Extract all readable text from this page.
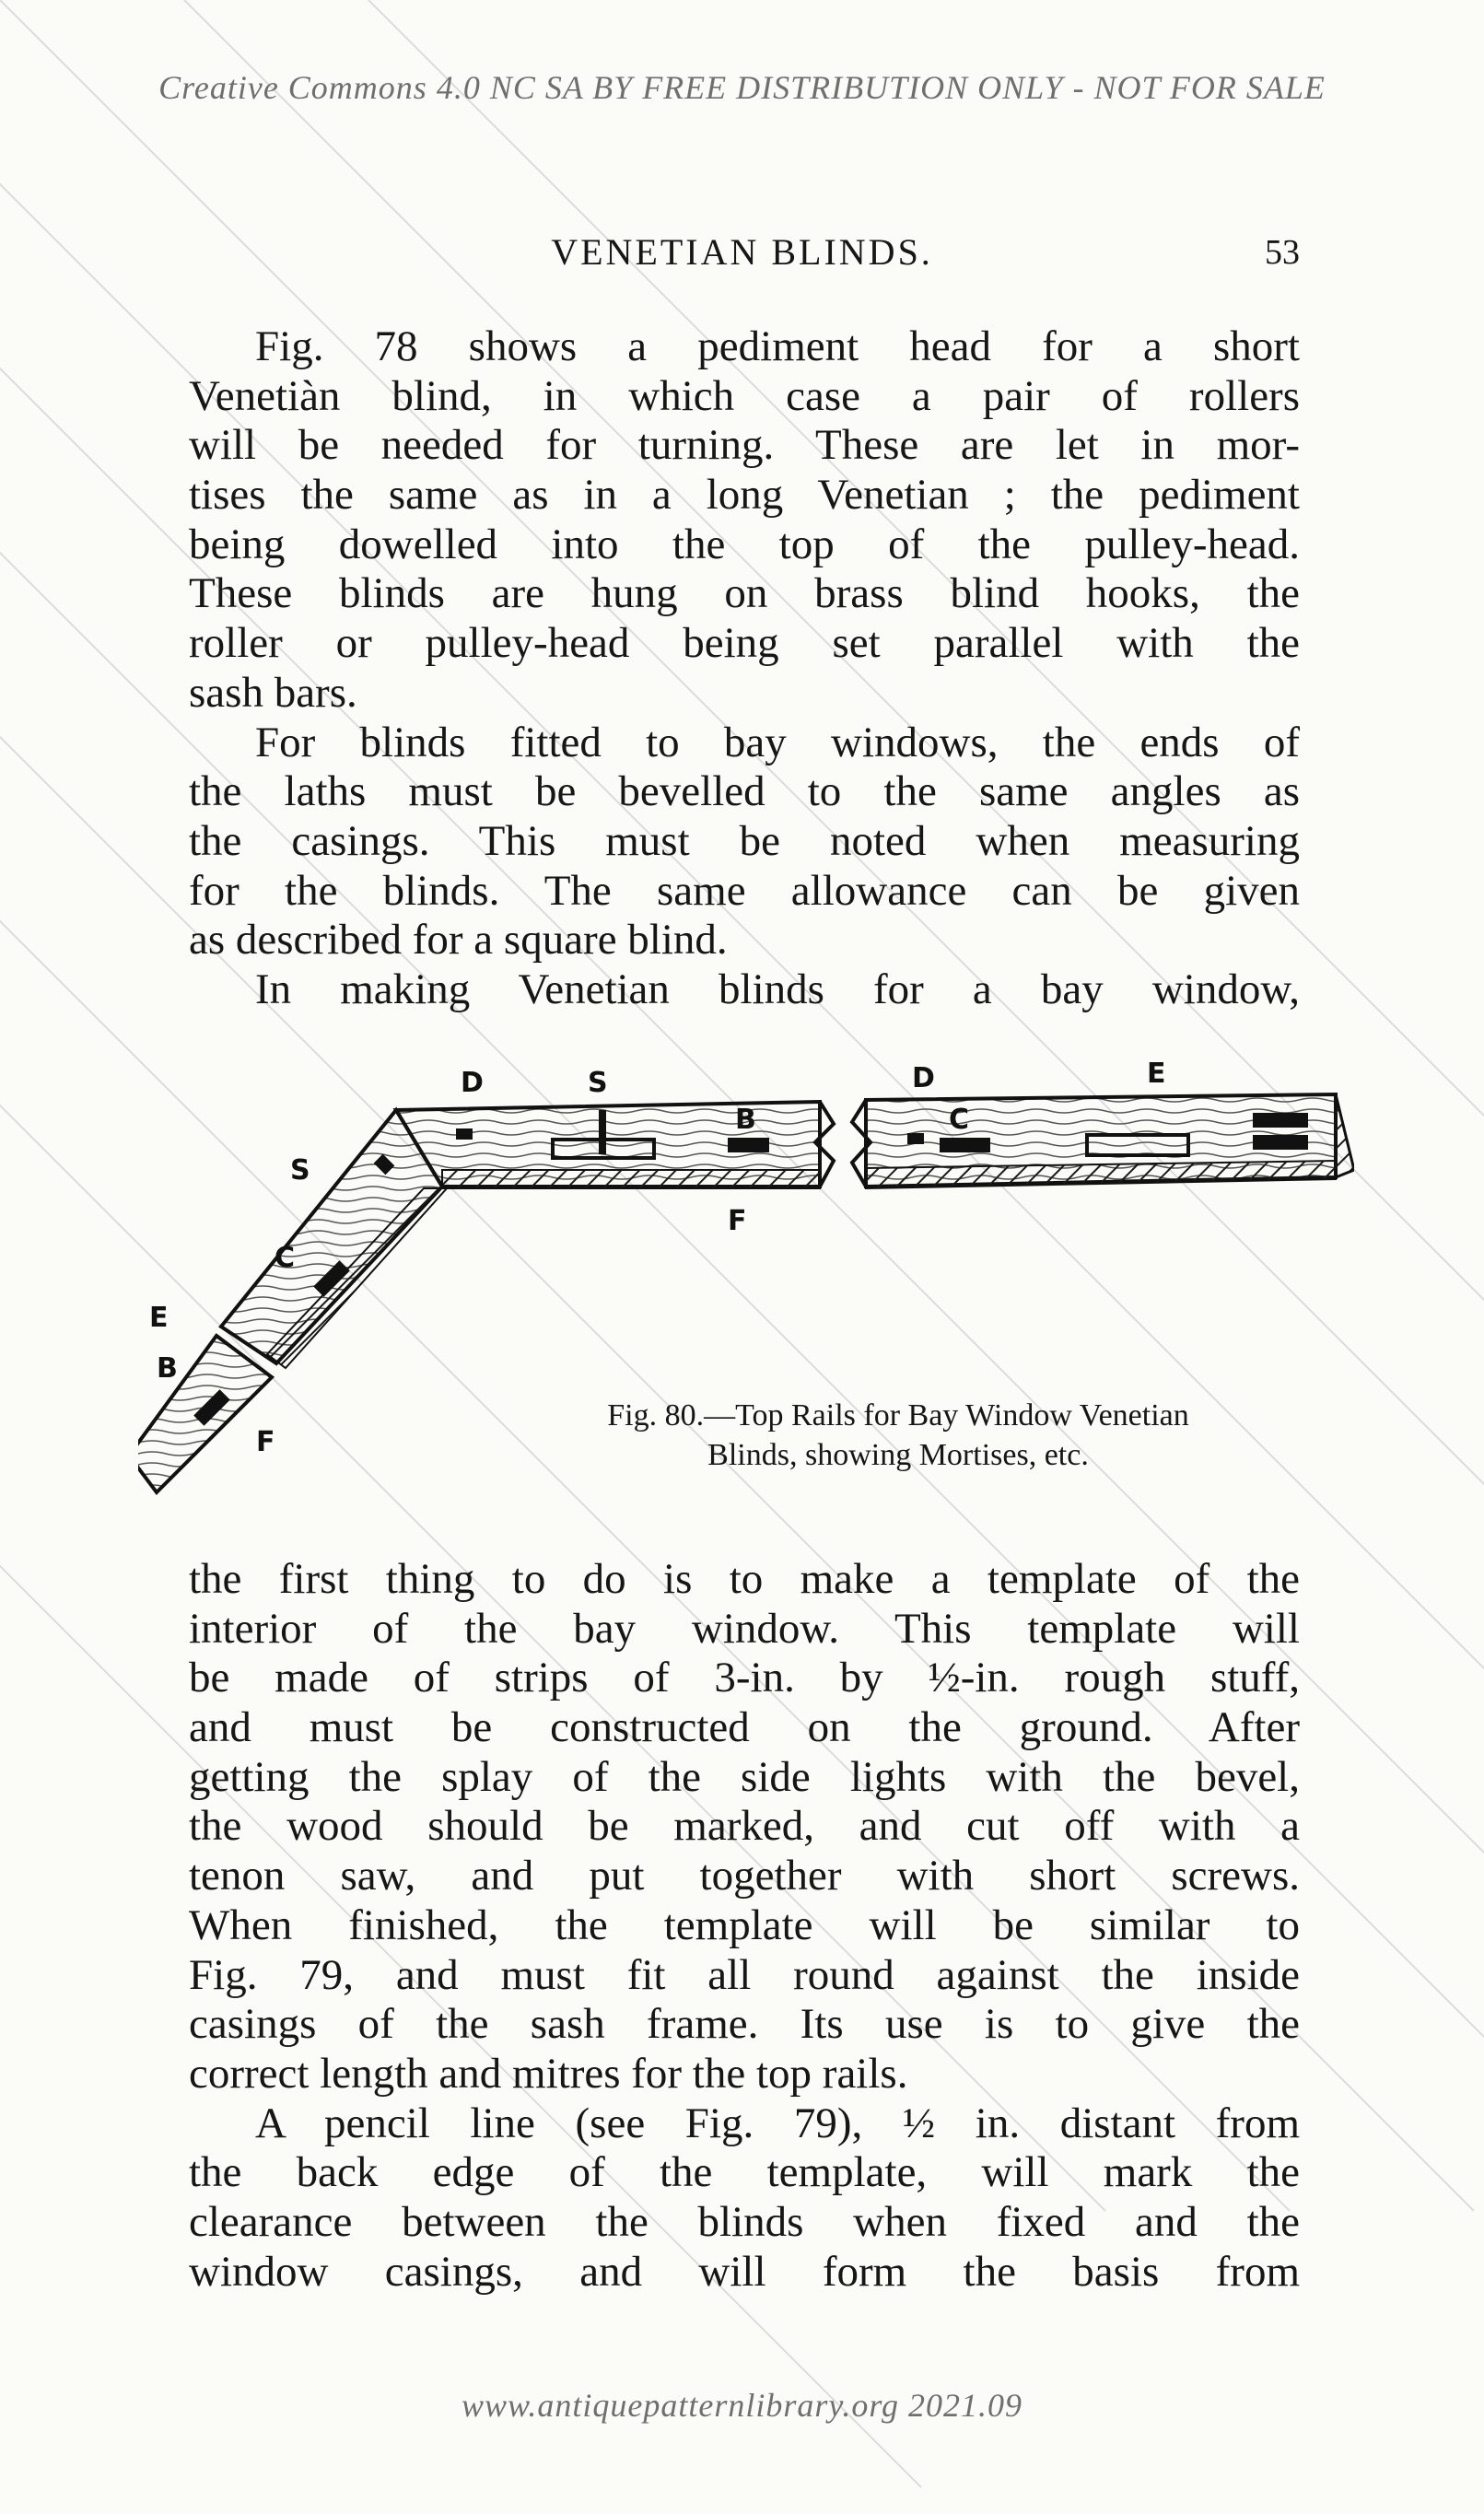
Creative Commons 4.0 NC SA BY FREE DISTRIBUTION ONLY - NOT FOR SALE
VENETIAN BLINDS.	53
Fig. 78 shows a pediment head for a short
Venetiàn blind, in which case a pair of rollers
will be needed for turning. These are let in mor-
tises the same as in a long Venetian ; the pediment
being dowelled into the top of the pulley-head.
These blinds are hung on brass blind hooks, the
roller or pulley-head being set parallel with the
sash bars.
For blinds fitted to bay windows, the ends of
the laths must be bevelled to the same angles as
the casings. This must be noted when measuring
for the blinds. The same allowance can be given
as described for a square blind.
In making Venetian blinds for a bay window,
D	S
B
D
C
E
F
S
C
E
B
F
Fig. 80.—Top Rails for Bay Window Venetian
Blinds, showing Mortises, etc.
the first thing to do is to make a template of the
interior of the bay window. This template will
be made of strips of 3-in. by ½-in. rough stuff,
and must be constructed on the ground. After
getting the splay of the side lights with the bevel,
the wood should be marked, and cut off with a
tenon saw, and put together with short screws.
When finished, the template will be similar to
Fig. 79, and must fit all round against the inside
casings of the sash frame. Its use is to give the
correct length and mitres for the top rails.
A pencil line (see Fig. 79), ½ in. distant from
the back edge of the template, will mark the
clearance between the blinds when fixed and the
window casings, and will form the basis from
www.antiquepatternlibrary.org 2021.09
